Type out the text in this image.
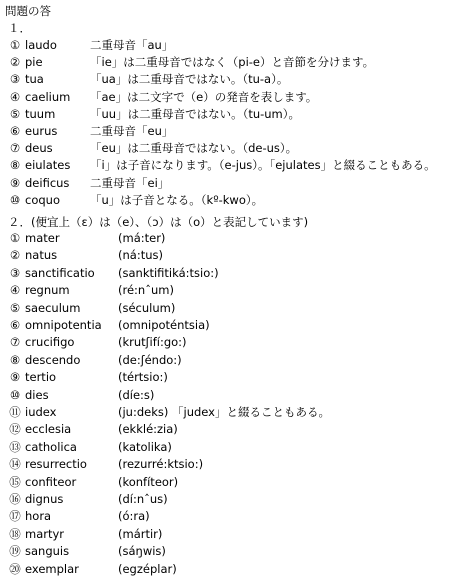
問題の答
１．
① laudo	二重母音「au」
② pie	「ie」は二重母音ではなく（pi-e）と音節を分けます。
③ tua	「ua」は二重母音ではない。（tu-a）。
④ caelium 「ae」は二文字で（e）の発音を表します。
⑤ tuum	「uu」は二重母音ではない。（tu-um）。
⑥ eurus	二重母音「eu」
⑦ deus	「eu」は二重母音ではない。（de-us）。
⑧ eiulates 「i」は子音になります。（e-jus）。「ejulates」と綴ることもある。
⑨ deificus 二重母音「ei」
⑩ coquo	「u」は子音となる。（kº-kwo）。
２．(便宜上（ε）は（e）、（ɔ）は（o）と表記しています)
① mater	(má:ter)
② natus	(ná:tus)
③ sanctificatio (sanktifitiká:tsio:)
④ regnum	(ré:nˆum)
⑤ saeculum	(séculum)
⑥ omnipotentia (omnipoténtsia)
⑦ crucifigo	(krutʃifí:go:)
⑧ descendo	(de:ʃéndo:)
⑨ tertio	(tértsio:)
⑩ dies	(díe:s)
⑪ iudex	(ju:deks) 「judex」と綴ることもある。
⑫ ecclesia	(ekklé:zia)
⑬ catholica	(katolika)
⑭ resurrectio	(rezurré:ktsio:)
⑮ confiteor	(konfíteor)
⑯ dignus	(dí:nˆus)
⑰ hora	(ó:ra)
⑱ martyr	(mártir)
⑲ sanguis	(sáŋwis)
⑳ exemplar	(egzéplar)
